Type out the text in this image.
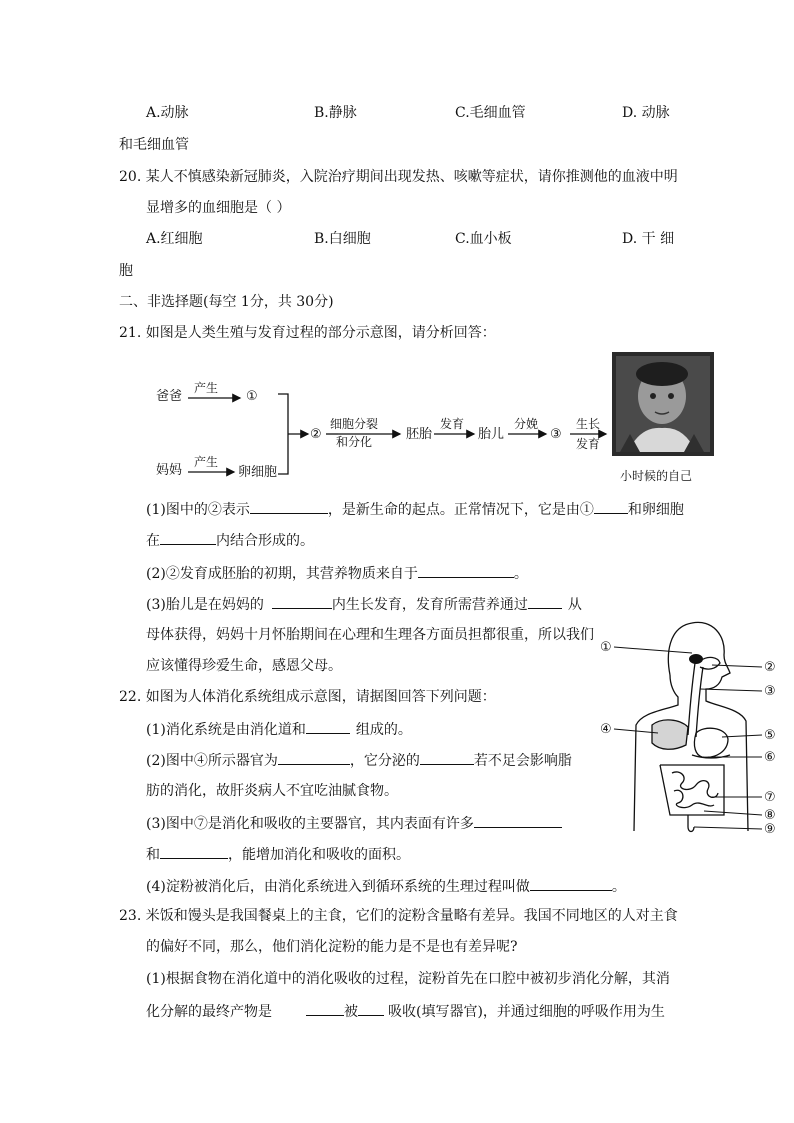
A.动脉	B.静脉	C.毛细血管	D. 动脉
和毛细血管
20. 某人不慎感染新冠肺炎，入院治疗期间出现发热、咳嗽等症状，请你推测他的血液中明
显增多的血细胞是（ ）
A.红细胞	B.白细胞	C.血小板	D. 干 细
胞
二、非选择题(每空 1分，共 30分)
21. 如图是人类生殖与发育过程的部分示意图，请分析回答：
爸爸
产生
①
妈妈
产生
卵细胞
②
细胞分裂
和分化	胚胎
发育
胎儿
分娩
③
生长
发育
小时候的自己
(1)图中的②表示	，是新生命的起点。正常情况下，它是由① 和卵细胞
在	内结合形成的。
(2)②发育成胚胎的初期，其营养物质来自于	。
(3)胎儿是在妈妈的	内生长发育，发育所需营养通过	从
母体获得，妈妈十月怀胎期间在心理和生理各方面员担都很重，所以我们
应该懂得珍爱生命，感恩父母。
22. 如图为人体消化系统组成示意图，请据图回答下列问题：
(1)消化系统是由消化道和	组成的。
(2)图中④所示器官为	，它分泌的	若不足会影响脂
肪的消化，故肝炎病人不宜吃油腻食物。
(3)图中⑦是消化和吸收的主要器官，其内表面有许多
和	，能增加消化和吸收的面积。
(4)淀粉被消化后，由消化系统进入到循环系统的生理过程叫做	。
①
②
③
④	⑤
⑥
⑦
⑧
⑨
23. 米饭和馒头是我国餐桌上的主食，它们的淀粉含量略有差异。我国不同地区的人对主食
的偏好不同，那么，他们消化淀粉的能力是不是也有差异呢?
(1)根据食物在消化道中的消化吸收的过程，淀粉首先在口腔中被初步消化分解，其消
化分解的最终产物是	被 吸收(填写器官)，并通过细胞的呼吸作用为生
